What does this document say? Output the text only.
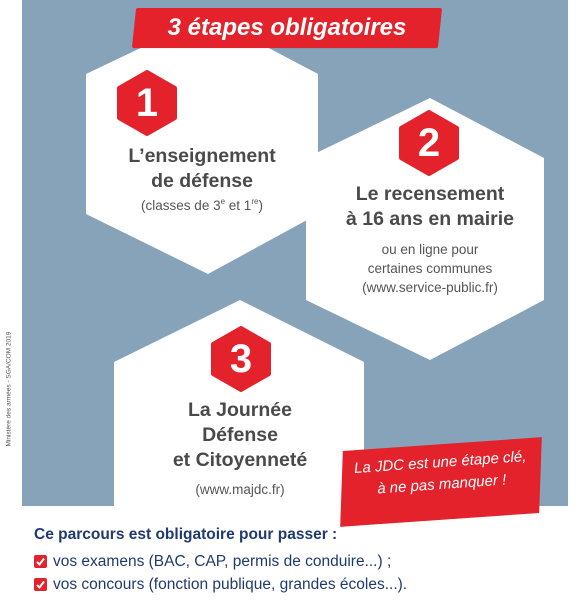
3 étapes obligatoires
1
L’enseignement
de défense
(classes de 3e et 1re)
2
Le recensement
à 16 ans en mairie
ou en ligne pour
certaines communes
(www.service-public.fr)
3
La Journée
Défense
et Citoyenneté
(www.majdc.fr)
La JDC est une étape clé,
à ne pas manquer !
Ministère des armées - SGA/COM 2019

Ce parcours est obligatoire pour passer :

vos examens (BAC, CAP, permis de conduire...) ;
vos concours (fonction publique, grandes écoles...).
